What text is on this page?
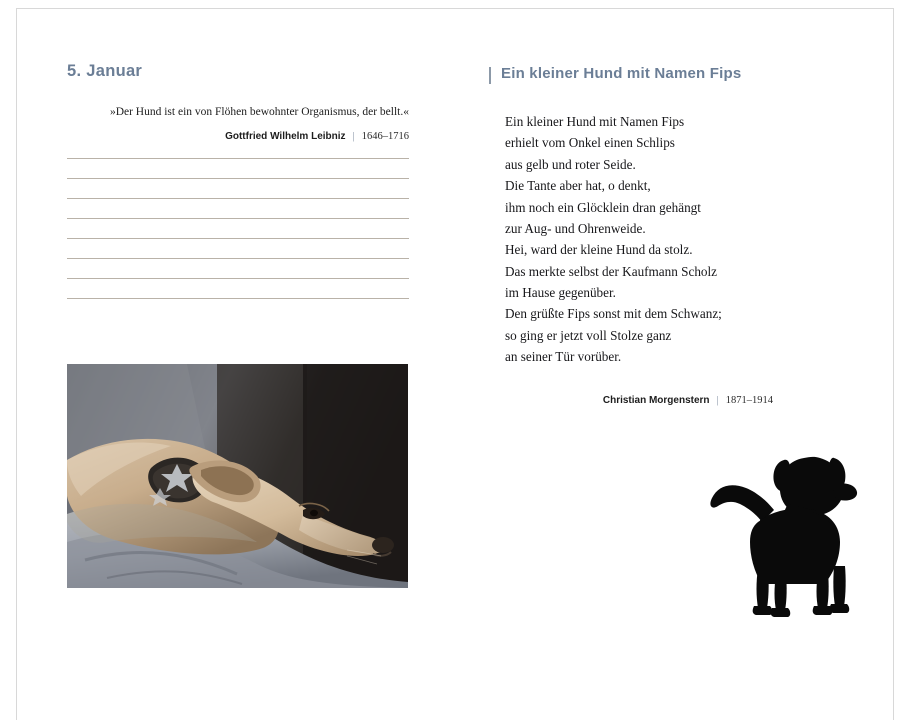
5. Januar
»Der Hund ist ein von Flöhen bewohnter Organismus, der bellt.«
Gottfried Wilhelm Leibniz | 1646–1716
Ein kleiner Hund mit Namen Fips
Ein kleiner Hund mit Namen Fips
erhielt vom Onkel einen Schlips
aus gelb und roter Seide.
Die Tante aber hat, o denkt,
ihm noch ein Glöcklein dran gehängt
zur Aug- und Ohrenweide.
Hei, ward der kleine Hund da stolz.
Das merkte selbst der Kaufmann Scholz
im Hause gegenüber.
Den grüßte Fips sonst mit dem Schwanz;
so ging er jetzt voll Stolze ganz
an seiner Tür vorüber.
Christian Morgenstern | 1871–1914
